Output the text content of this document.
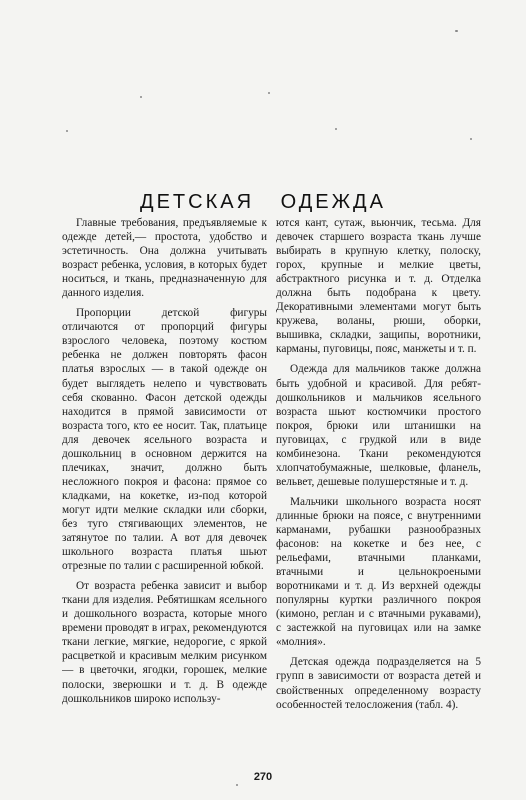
ДЕТСКАЯ ОДЕЖДА

Главные требования, предъявляемые к одежде детей,— простота, удобство и эстетичность. Она должна учитывать возраст ребенка, условия, в которых будет носиться, и ткань, предназначенную для данного изделия.

Пропорции детской фигуры отличаются от пропорций фигуры взрослого человека, поэтому костюм ребенка не должен повторять фасон платья взрослых — в такой одежде он будет выглядеть нелепо и чувствовать себя скованно. Фасон детской одежды находится в прямой зависимости от возраста того, кто ее носит. Так, платьице для девочек ясельного возраста и дошкольниц в основном держится на плечиках, значит, должно быть несложного покроя и фасона: прямое со кладками, на кокетке, из-под которой могут идти мелкие складки или сборки, без туго стягивающих элементов, не затянутое по талии. А вот для девочек школьного возраста платья шьют отрезные по талии с расширенной юбкой.

От возраста ребенка зависит и выбор ткани для изделия. Ребятишкам ясельного и дошкольного возраста, которые много времени проводят в играх, рекомендуются ткани легкие, мягкие, недорогие, с яркой расцветкой и красивым мелким рисунком — в цветочки, ягодки, горошек, мелкие полоски, зверюшки и т. д. В одежде дошкольников широко использу-

ются кант, сутаж, вьюнчик, тесьма. Для девочек старшего возраста ткань лучше выбирать в крупную клетку, полоску, горох, крупные и мелкие цветы, абстрактного рисунка и т. д. Отделка должна быть подобрана к цвету. Декоративными элементами могут быть кружева, воланы, рюши, оборки, вышивка, складки, защипы, воротники, карманы, пуговицы, пояс, манжеты и т. п.

Одежда для мальчиков также должна быть удобной и красивой. Для ребят-дошкольников и мальчиков ясельного возраста шьют костюмчики простого покроя, брюки или штанишки на пуговицах, с грудкой или в виде комбинезона. Ткани рекомендуются хлопчатобумажные, шелковые, фланель, вельвет, дешевые полушерстяные и т. д.

Мальчики школьного возраста носят длинные брюки на поясе, с внутренними карманами, рубашки разнообразных фасонов: на кокетке и без нее, с рельефами, втачными планками, втачными и цельнокроеными воротниками и т. д. Из верхней одежды популярны куртки различного покроя (кимоно, реглан и с втачными рукавами), с застежкой на пуговицах или на замке «молния».

Детская одежда подразделяется на 5 групп в зависимости от возраста детей и свойственных определенному возрасту особенностей телосложения (табл. 4).

270
